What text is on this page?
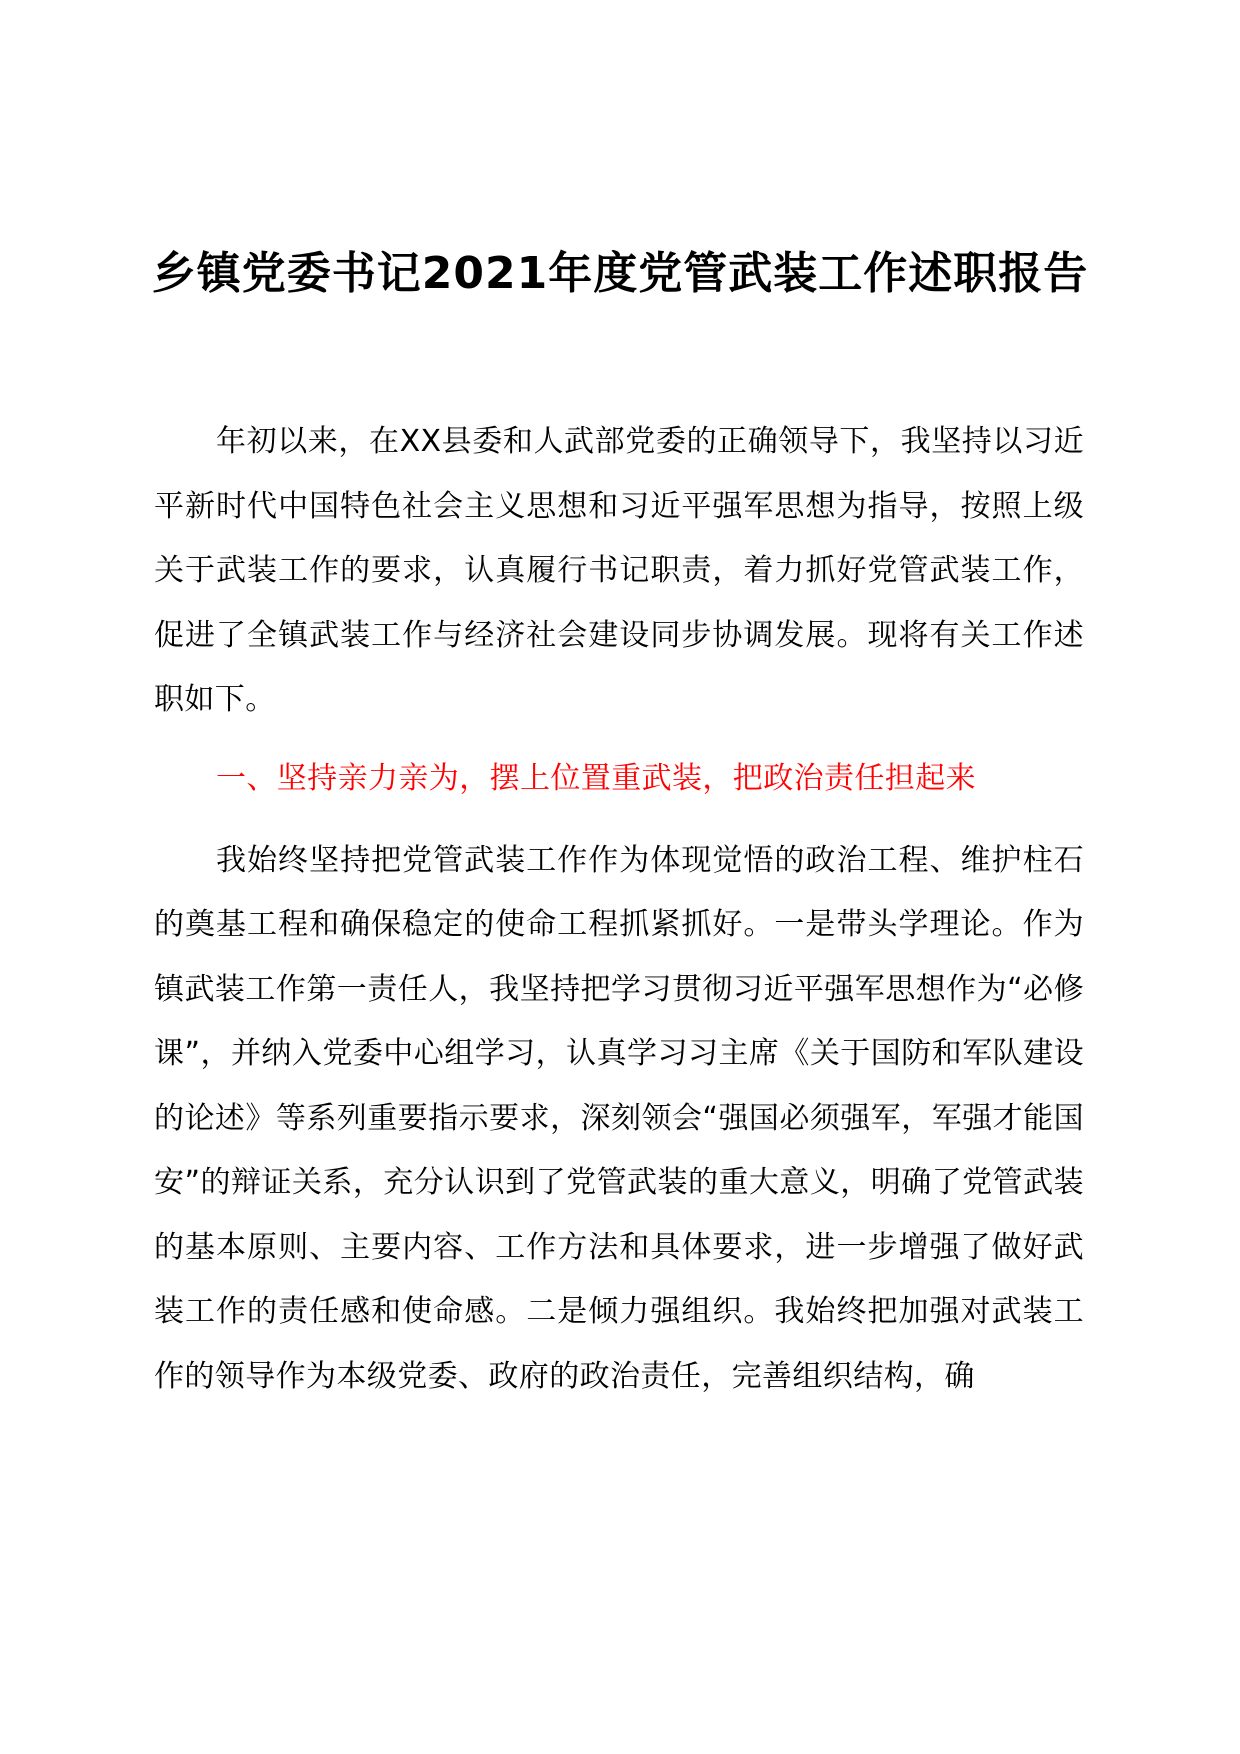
乡镇党委书记2021年度党管武装工作述职报告

年初以来，在XX县委和人武部党委的正确领导下，我坚持以习近平新时代中国特色社会主义思想和习近平强军思想为指导，按照上级关于武装工作的要求，认真履行书记职责，着力抓好党管武装工作，促进了全镇武装工作与经济社会建设同步协调发展。现将有关工作述职如下。

一、坚持亲力亲为，摆上位置重武装，把政治责任担起来

我始终坚持把党管武装工作作为体现觉悟的政治工程、维护柱石的奠基工程和确保稳定的使命工程抓紧抓好。一是带头学理论。作为镇武装工作第一责任人，我坚持把学习贯彻习近平强军思想作为“必修课”，并纳入党委中心组学习，认真学习习主席《关于国防和军队建设的论述》等系列重要指示要求，深刻领会“强国必须强军，军强才能国安”的辩证关系，充分认识到了党管武装的重大意义，明确了党管武装的基本原则、主要内容、工作方法和具体要求，进一步增强了做好武装工作的责任感和使命感。二是倾力强组织。我始终把加强对武装工作的领导作为本级党委、政府的政治责任，完善组织结构，确
